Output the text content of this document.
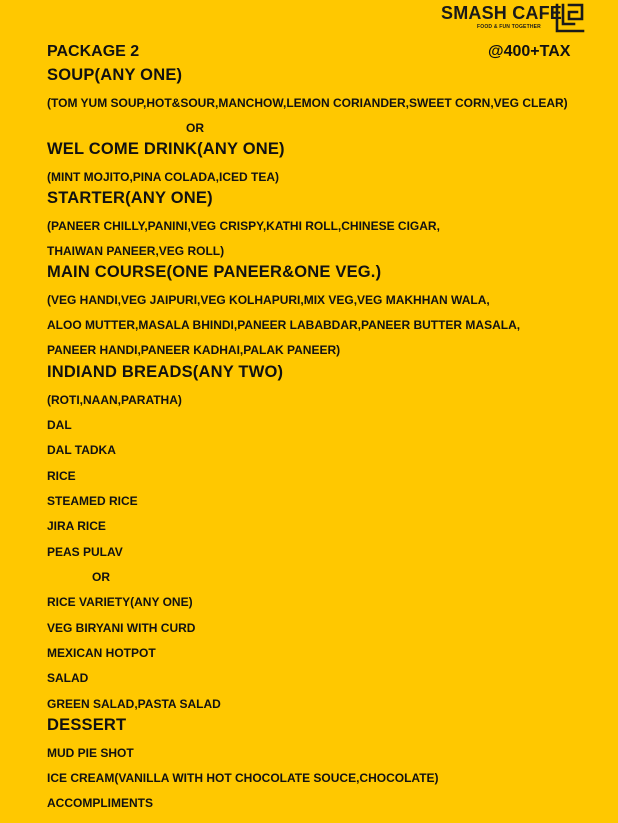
SMASH CAFE
FOOD & FUN TOGETHER
PACKAGE 2	@400+TAX
SOUP(ANY ONE)
(TOM YUM SOUP,HOT&SOUR,MANCHOW,LEMON CORIANDER,SWEET CORN,VEG CLEAR)
OR
WEL COME DRINK(ANY ONE)
(MINT MOJITO,PINA COLADA,ICED TEA)
STARTER(ANY ONE)
(PANEER CHILLY,PANINI,VEG CRISPY,KATHI ROLL,CHINESE CIGAR,
THAIWAN PANEER,VEG ROLL)
MAIN COURSE(ONE PANEER&ONE VEG.)
(VEG HANDI,VEG JAIPURI,VEG KOLHAPURI,MIX VEG,VEG MAKHHAN WALA,
ALOO MUTTER,MASALA BHINDI,PANEER LABABDAR,PANEER BUTTER MASALA,
PANEER HANDI,PANEER KADHAI,PALAK PANEER)
INDIAND BREADS(ANY TWO)
(ROTI,NAAN,PARATHA)
DAL
DAL TADKA
RICE
STEAMED RICE
JIRA RICE
PEAS PULAV
OR
RICE VARIETY(ANY ONE)
VEG BIRYANI WITH CURD
MEXICAN HOTPOT
SALAD
GREEN SALAD,PASTA SALAD
DESSERT
MUD PIE SHOT
ICE CREAM(VANILLA WITH HOT CHOCOLATE SOUCE,CHOCOLATE)
ACCOMPLIMENTS
